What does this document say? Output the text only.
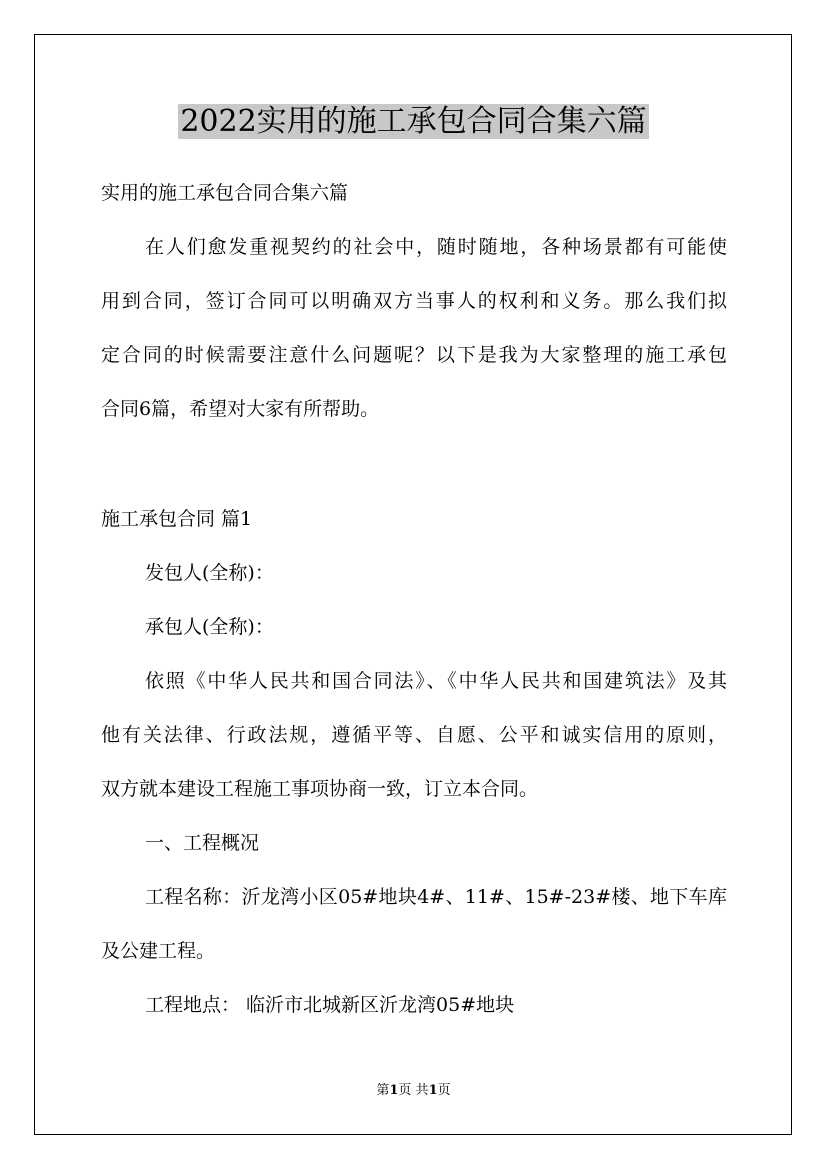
2022实用的施工承包合同合集六篇

实用的施工承包合同合集六篇

在人们愈发重视契约的社会中，随时随地，各种场景都有可能使

用到合同，签订合同可以明确双方当事人的权利和义务。那么我们拟

定合同的时候需要注意什么问题呢？以下是我为大家整理的施工承包

合同6篇，希望对大家有所帮助。

施工承包合同 篇1

发包人(全称)：

承包人(全称)：

依照《中华人民共和国合同法》、《中华人民共和国建筑法》及其

他有关法律、行政法规，遵循平等、自愿、公平和诚实信用的原则，

双方就本建设工程施工事项协商一致，订立本合同。

一、工程概况

工程名称：沂龙湾小区05#地块4#、11#、15#-23#楼、地下车库

及公建工程。

工程地点： 临沂市北城新区沂龙湾05#地块

第1页 共1页
